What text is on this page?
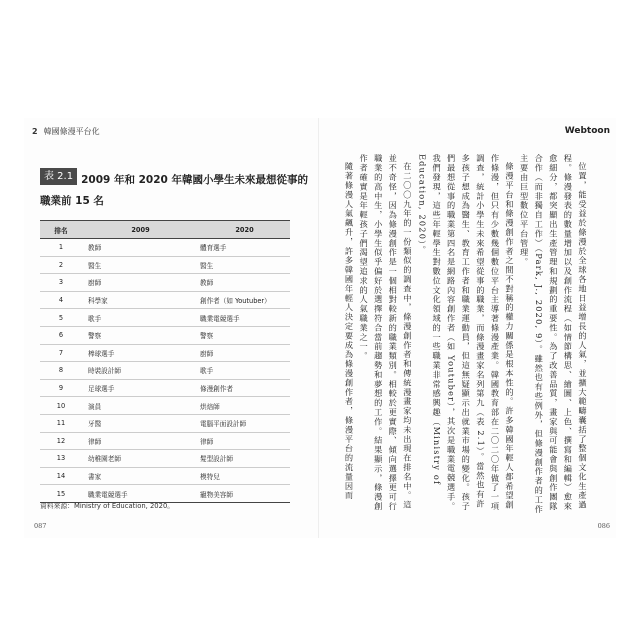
2 韓國條漫平台化
表 2.1 2009 年和 2020 年韓國小學生未來最想從事的職業前 15 名
排名	2009	2020
1	教師	體育選手
2	醫生	醫生
3	廚師	教師
4	科學家	創作者（如 Youtuber）
5	歌手	職業電競選手
6	警察	警察
7	棒球選手	廚師
8	時裝設計師	歌手
9	足球選手	條漫創作者
10	演員	烘焙師
11	牙醫	電腦平面設計師
12	律師	律師
13	幼稚園老師	髮型設計師
14	書家	模特兒
15	職業電競選手	寵物美容師
資料來源：Ministry of Education, 2020。
087
Webtoon

位置，能受益於條漫於全球各地日益增長的人氣，並擴大範疇囊括了整個文化生產過程。條漫發表的數量增加以及創作流程（如情節構思、繪圖、上色、撰寫和編輯）愈來愈細分，都突顯出生產管理和規劃的重要性。為了改善品質，畫家與可能會與創作團隊合作（而非獨自工作）（Park, J., 2020, 9）。雖然也有些例外，但條漫創作者的工作主要由巨型數位平台管理。

條漫平台和條漫創作者之間不對稱的權力關係是根本性的。許多韓國年輕人都希望創作條漫，但只有少數幾個數位平台主導著條漫產業。韓國教育部在二〇二〇年做了一項調查，統計小學生未來希望從事的職業，而條漫畫家名列第九（表 2.1）。當然也有許多孩子想成為醫生、教育工作者和職業運動員，但這無疑顯示出就業市場的變化。孩子們最想從事的職業第四名是網路內容創作者（如 Youtuber），其次是職業電競選手。我們發現，這些年輕學生對數位文化領域的一些職業非常感興趣（Ministry of Education, 2020）。

在二〇〇九年的一份類似的調查中，條漫創作者和傳統漫畫家均未出現在排名中。這並不奇怪，因為條漫創作是一個相對較新的職業類別。相較於更實際、傾向選擇更可行職業的高中生，小學生似乎偏好於選擇符合當前趨勢和夢想的工作。結果顯示，條漫創作者確實是年輕孩子們渴望追求的人氣職業之一。

隨著條漫人氣飆升，許多韓國年輕人決定要成為條漫創作者，條漫平台的流量因而

086
